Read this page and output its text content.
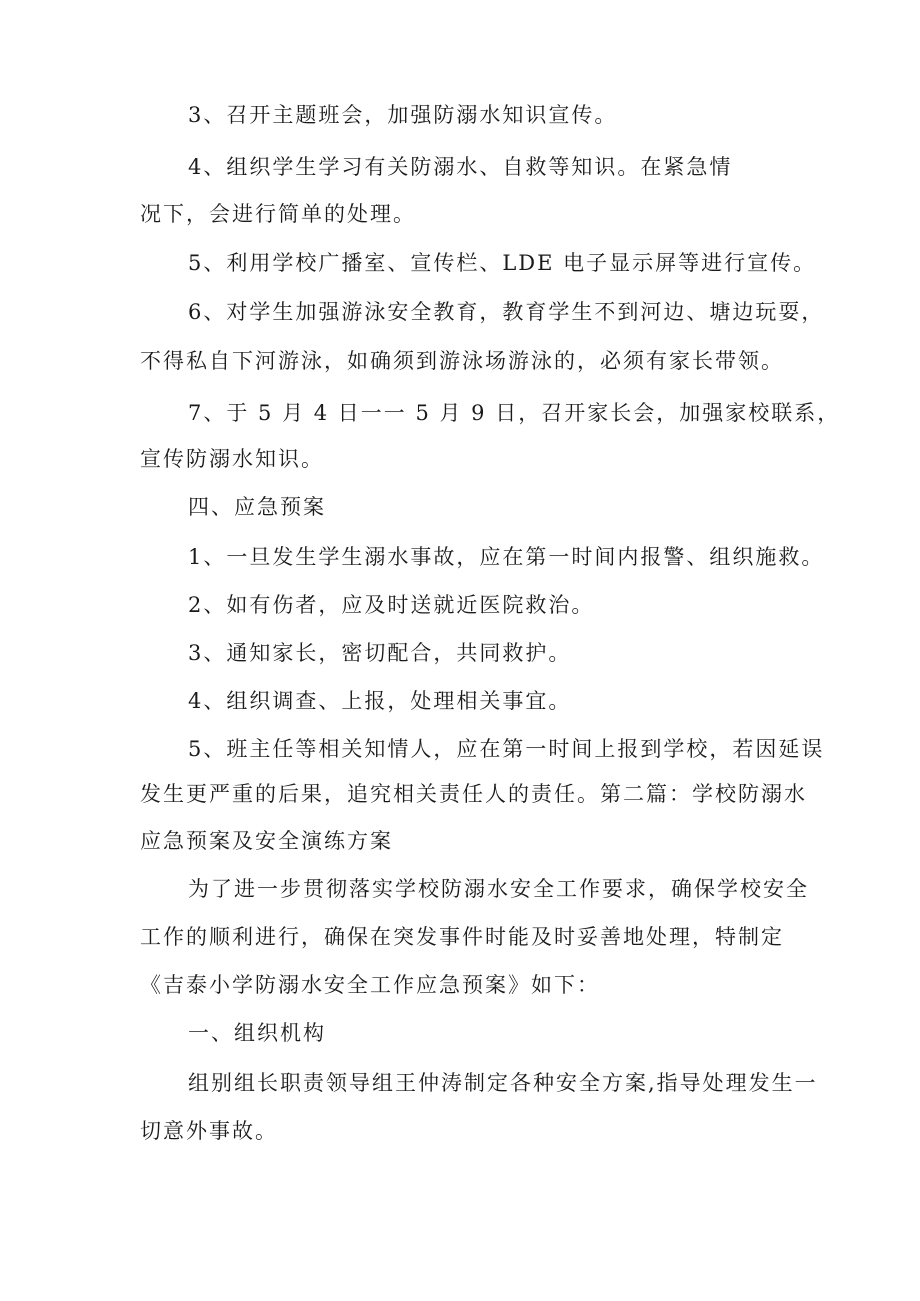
3、召开主题班会，加强防溺水知识宣传。
4、组织学生学习有关防溺水、自救等知识。在紧急情
况下，会进行简单的处理。
5、利用学校广播室、宣传栏、LDE 电子显示屏等进行宣传。
6、对学生加强游泳安全教育，教育学生不到河边、塘边玩耍，
不得私自下河游泳，如确须到游泳场游泳的，必须有家长带领。
7、于 5 月 4 日一一 5 月 9 日，召开家长会，加强家校联系，
宣传防溺水知识。
四、应急预案
1、一旦发生学生溺水事故，应在第一时间内报警、组织施救。
2、如有伤者，应及时送就近医院救治。
3、通知家长，密切配合，共同救护。
4、组织调查、上报，处理相关事宜。
5、班主任等相关知情人，应在第一时间上报到学校，若因延误
发生更严重的后果，追究相关责任人的责任。第二篇：学校防溺水
应急预案及安全演练方案
为了进一步贯彻落实学校防溺水安全工作要求，确保学校安全
工作的顺利进行，确保在突发事件时能及时妥善地处理，特制定
《吉泰小学防溺水安全工作应急预案》如下：
一、组织机构
组别组长职责领导组王仲涛制定各种安全方案,指导处理发生一
切意外事故。
